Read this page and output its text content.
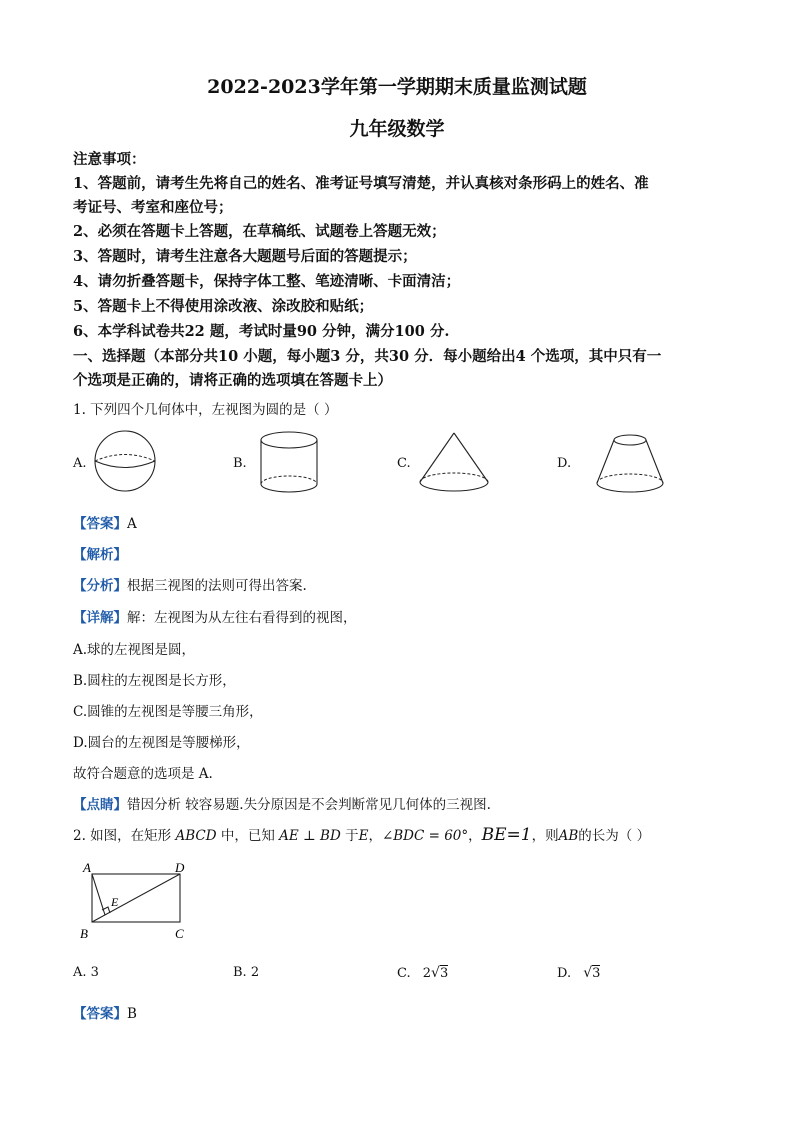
2022-2023学年第一学期期末质量监测试题
九年级数学
注意事项：
1、答题前，请考生先将自己的姓名、准考证号填写清楚，并认真核对条形码上的姓名、准
考证号、考室和座位号；
2、必须在答题卡上答题，在草稿纸、试题卷上答题无效；
3、答题时，请考生注意各大题题号后面的答题提示；
4、请勿折叠答题卡，保持字体工整、笔迹清晰、卡面清洁；
5、答题卡上不得使用涂改液、涂改胶和贴纸；
6、本学科试卷共22 题，考试时量90 分钟，满分100 分.
一、选择题（本部分共10 小题，每小题3 分，共30 分．每小题给出4 个选项，其中只有一
个选项是正确的，请将正确的选项填在答题卡上）
1. 下列四个几何体中，左视图为圆的是（ ）
A.	B.	C.	D.
【答案】A
【解析】
【分析】根据三视图的法则可得出答案.
【详解】解：左视图为从左往右看得到的视图，
A.球的左视图是圆，
B.圆柱的左视图是长方形，
C.圆锥的左视图是等腰三角形，
D.圆台的左视图是等腰梯形，
故符合题意的选项是 A.
【点睛】错因分析 较容易题.失分原因是不会判断常见几何体的三视图.
2. 如图，在矩形 ABCD 中，已知 AE ⊥ BD 于E，∠BDC = 60°，BE=1，则AB的长为（ ）
A	D
B	C
E
A. 3	B. 2	C. 2√3	D. √3
【答案】B
